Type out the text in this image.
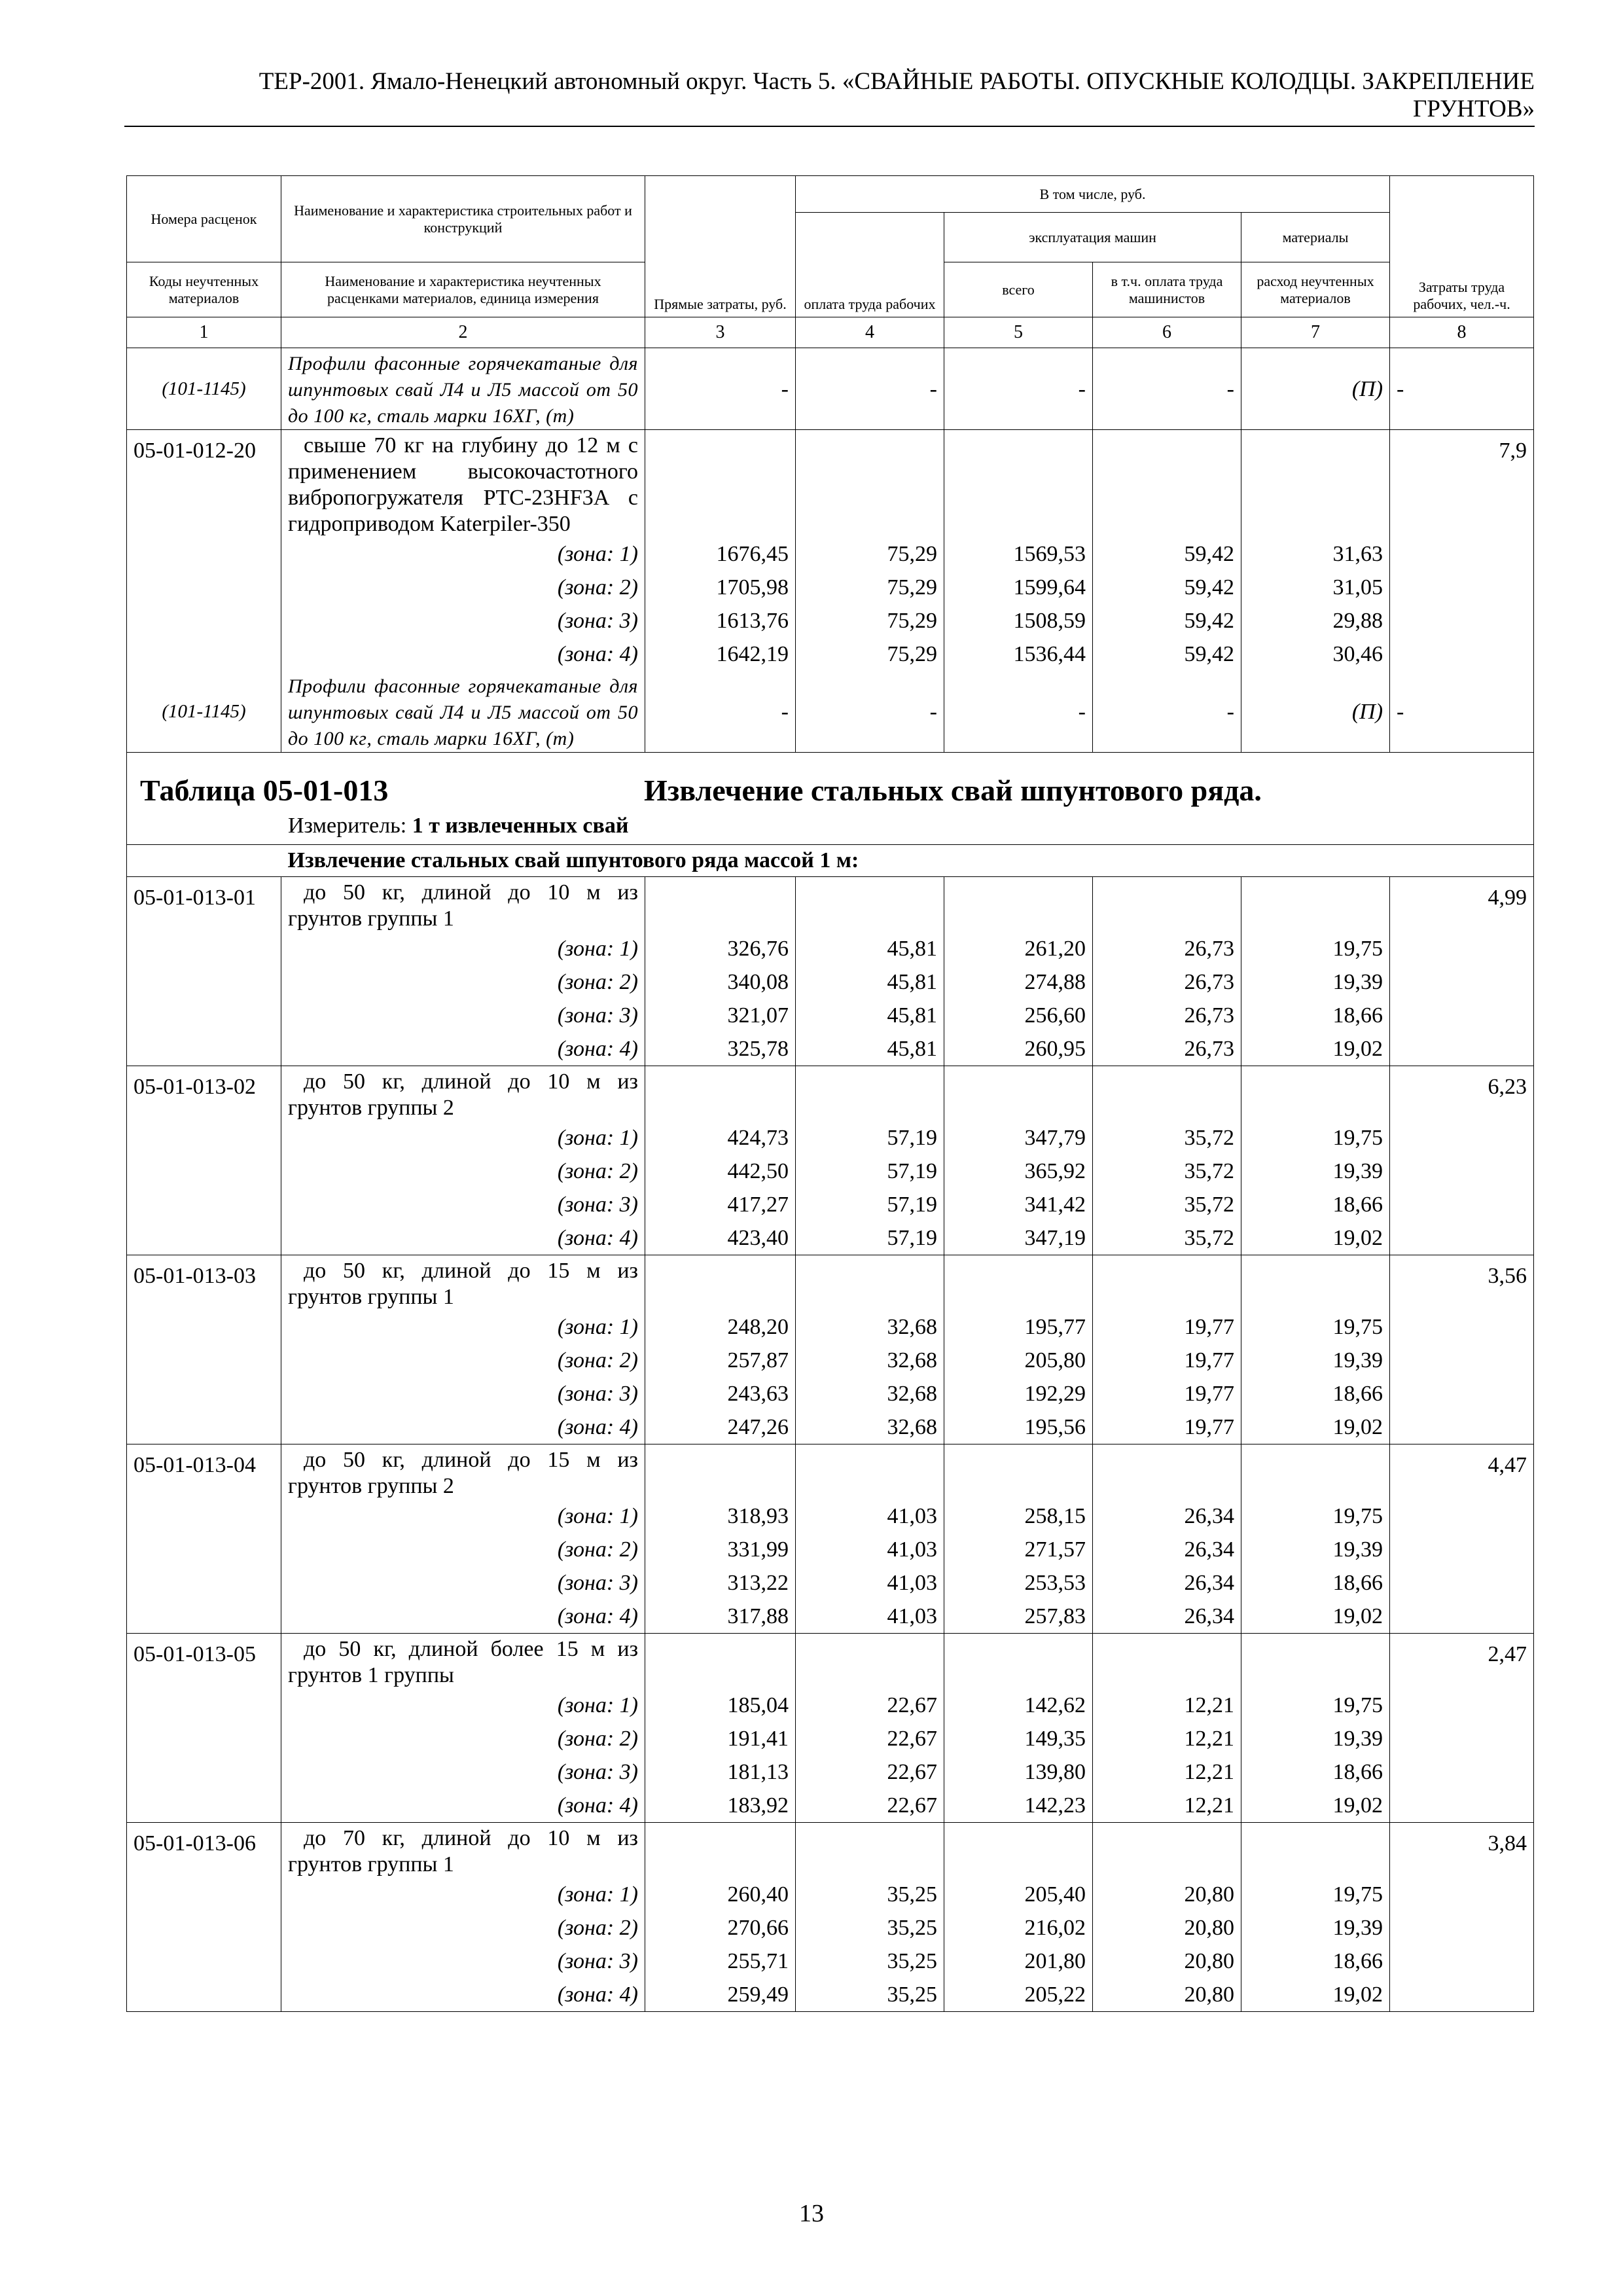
ТЕР-2001. Ямало-Ненецкий автономный округ. Часть 5. «СВАЙНЫЕ РАБОТЫ. ОПУСКНЫЕ КОЛОДЦЫ. ЗАКРЕПЛЕНИЕ
ГРУНТОВ»
Номера расценок	Наименование и характеристика строительных работ и конструкций	Прямые затраты, руб.	В том числе, руб.				Затраты труда рабочих, чел.-ч.
			оплата труда рабочих	эксплуатация машин		материалы	
Коды неучтенных материалов	Наименование и характеристика неучтенных расценками материалов, единица измерения			всего	в т.ч. оплата труда машинистов	расход неучтенных материалов	
1	2	3	4	5	6	7	8
(101-1145)	Профили фасонные горячекатаные для шпунтовых свай Л4 и Л5 массой от 50 до 100 кг, сталь марки 16ХГ, (т)	-	-	-	-	(П)	-
05-01-012-20	свыше 70 кг на глубину до 12 м с применением высокочастотного вибропогружателя PTC-23HF3A с гидроприводом Katerpiler-350						7,9
	(зона: 1)	1676,45	75,29	1569,53	59,42	31,63	
	(зона: 2)	1705,98	75,29	1599,64	59,42	31,05	
	(зона: 3)	1613,76	75,29	1508,59	59,42	29,88	
	(зона: 4)	1642,19	75,29	1536,44	59,42	30,46	
(101-1145)	Профили фасонные горячекатаные для шпунтовых свай Л4 и Л5 массой от 50 до 100 кг, сталь марки 16ХГ, (т)	-	-	-	-	(П)	-

Таблица 05-01-013 Извлечение стальных свай шпунтового ряда.
Измеритель: 1 т извлеченных свай							

	Извлечение стальных свай шпунтового ряда массой 1 м:						
05-01-013-01	до 50 кг, длиной до 10 м из грунтов группы 1						4,99
	(зона: 1)	326,76	45,81	261,20	26,73	19,75	
	(зона: 2)	340,08	45,81	274,88	26,73	19,39	
	(зона: 3)	321,07	45,81	256,60	26,73	18,66	
	(зона: 4)	325,78	45,81	260,95	26,73	19,02	
05-01-013-02	до 50 кг, длиной до 10 м из грунтов группы 2						6,23
	(зона: 1)	424,73	57,19	347,79	35,72	19,75	
	(зона: 2)	442,50	57,19	365,92	35,72	19,39	
	(зона: 3)	417,27	57,19	341,42	35,72	18,66	
	(зона: 4)	423,40	57,19	347,19	35,72	19,02	
05-01-013-03	до 50 кг, длиной до 15 м из грунтов группы 1						3,56
	(зона: 1)	248,20	32,68	195,77	19,77	19,75	
	(зона: 2)	257,87	32,68	205,80	19,77	19,39	
	(зона: 3)	243,63	32,68	192,29	19,77	18,66	
	(зона: 4)	247,26	32,68	195,56	19,77	19,02	
05-01-013-04	до 50 кг, длиной до 15 м из грунтов группы 2						4,47
	(зона: 1)	318,93	41,03	258,15	26,34	19,75	
	(зона: 2)	331,99	41,03	271,57	26,34	19,39	
	(зона: 3)	313,22	41,03	253,53	26,34	18,66	
	(зона: 4)	317,88	41,03	257,83	26,34	19,02	
05-01-013-05	до 50 кг, длиной более 15 м из грунтов 1 группы						2,47
	(зона: 1)	185,04	22,67	142,62	12,21	19,75	
	(зона: 2)	191,41	22,67	149,35	12,21	19,39	
	(зона: 3)	181,13	22,67	139,80	12,21	18,66	
	(зона: 4)	183,92	22,67	142,23	12,21	19,02	
05-01-013-06	до 70 кг, длиной до 10 м из грунтов группы 1						3,84
	(зона: 1)	260,40	35,25	205,40	20,80	19,75	
	(зона: 2)	270,66	35,25	216,02	20,80	19,39	
	(зона: 3)	255,71	35,25	201,80	20,80	18,66	
	(зона: 4)	259,49	35,25	205,22	20,80	19,02	
13
